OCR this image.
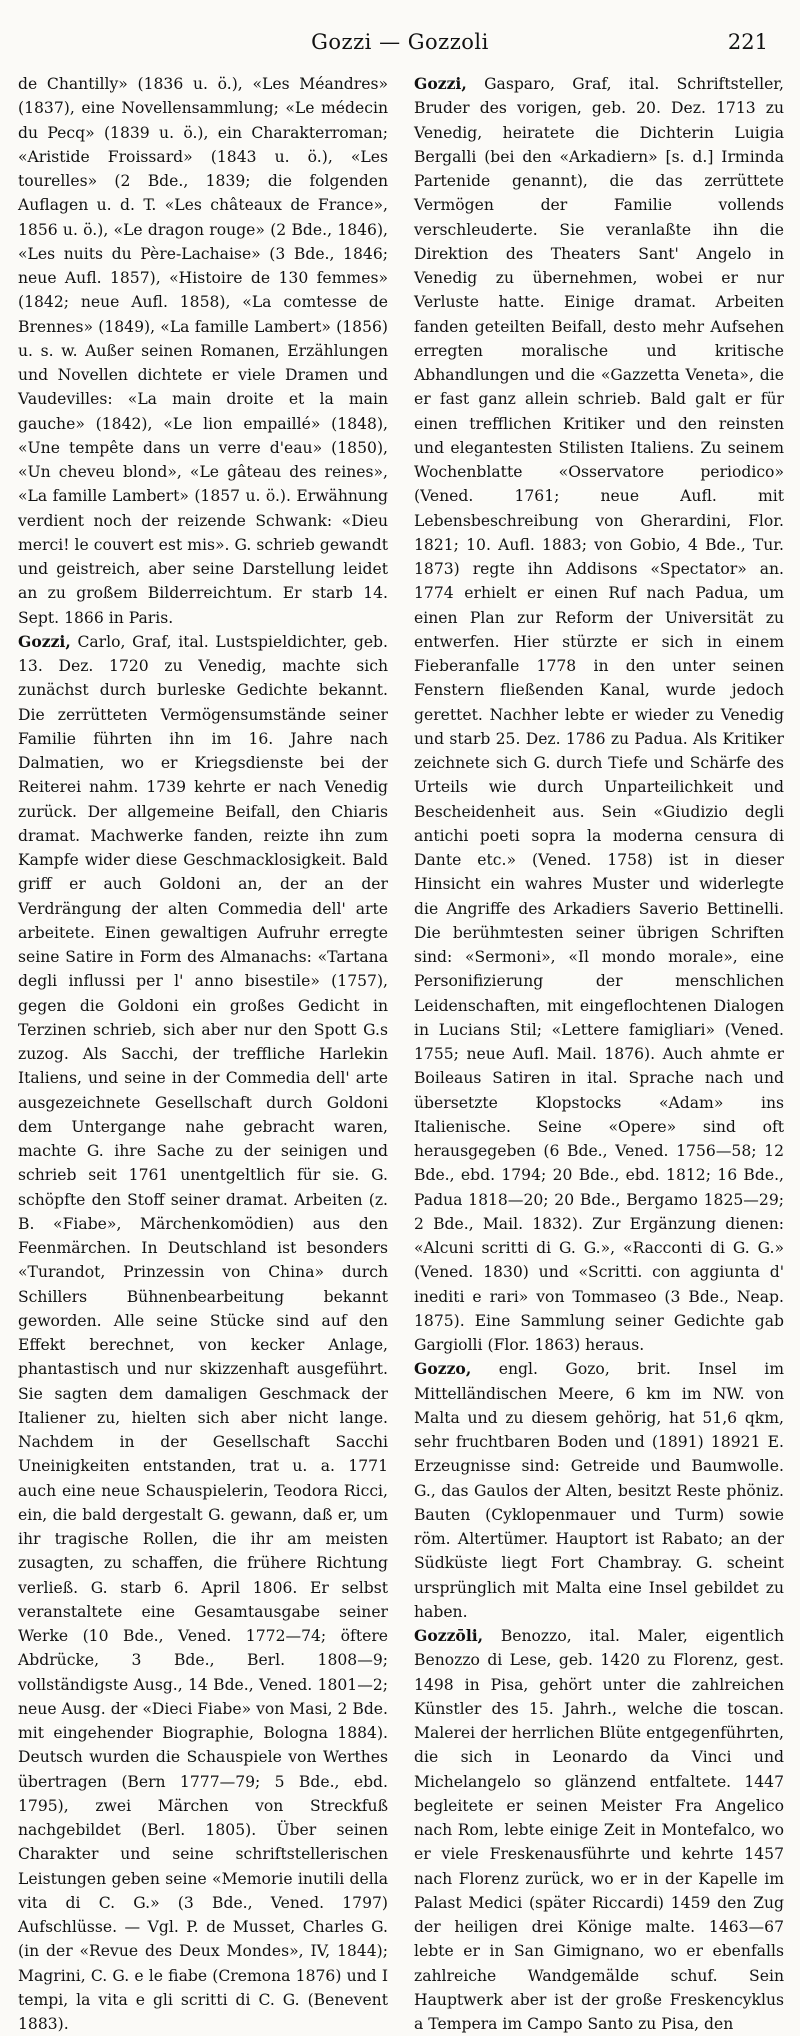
Gozzi — Gozzoli	221

de Chantilly» (1836 u. ö.), «Les Méandres» (1837), eine Novellensammlung; «Le médecin du Pecq» (1839 u. ö.), ein Charakterroman; «Aristide Froissard» (1843 u. ö.), «Les tourelles» (2 Bde., 1839; die folgenden Auflagen u. d. T. «Les châteaux de France», 1856 u. ö.), «Le dragon rouge» (2 Bde., 1846), «Les nuits du Père-Lachaise» (3 Bde., 1846; neue Aufl. 1857), «Histoire de 130 femmes» (1842; neue Aufl. 1858), «La comtesse de Brennes» (1849), «La famille Lambert» (1856) u. s. w. Außer seinen Romanen, Erzählungen und Novellen dichtete er viele Dramen und Vaudevilles: «La main droite et la main gauche» (1842), «Le lion empaillé» (1848), «Une tempête dans un verre d'eau» (1850), «Un cheveu blond», «Le gâteau des reines», «La famille Lambert» (1857 u. ö.). Erwähnung verdient noch der reizende Schwank: «Dieu merci! le couvert est mis». G. schrieb gewandt und geistreich, aber seine Darstellung leidet an zu großem Bilderreichtum. Er starb 14. Sept. 1866 in Paris.

Gozzi, Carlo, Graf, ital. Lustspieldichter, geb. 13. Dez. 1720 zu Venedig, machte sich zunächst durch burleske Gedichte bekannt. Die zerrütteten Vermögensumstände seiner Familie führten ihn im 16. Jahre nach Dalmatien, wo er Kriegsdienste bei der Reiterei nahm. 1739 kehrte er nach Venedig zurück. Der allgemeine Beifall, den Chiaris dramat. Machwerke fanden, reizte ihn zum Kampfe wider diese Geschmacklosigkeit. Bald griff er auch Goldoni an, der an der Verdrängung der alten Commedia dell' arte arbeitete. Einen gewaltigen Aufruhr erregte seine Satire in Form des Almanachs: «Tartana degli influssi per l' anno bisestile» (1757), gegen die Goldoni ein großes Gedicht in Terzinen schrieb, sich aber nur den Spott G.s zuzog. Als Sacchi, der treffliche Harlekin Italiens, und seine in der Commedia dell' arte ausgezeichnete Gesellschaft durch Goldoni dem Untergange nahe gebracht waren, machte G. ihre Sache zu der seinigen und schrieb seit 1761 unentgeltlich für sie. G. schöpfte den Stoff seiner dramat. Arbeiten (z. B. «Fiabe», Märchenkomödien) aus den Feenmärchen. In Deutschland ist besonders «Turandot, Prinzessin von China» durch Schillers Bühnenbearbeitung bekannt geworden. Alle seine Stücke sind auf den Effekt berechnet, von kecker Anlage, phantastisch und nur skizzenhaft ausgeführt. Sie sagten dem damaligen Geschmack der Italiener zu, hielten sich aber nicht lange. Nachdem in der Gesellschaft Sacchi Uneinigkeiten entstanden, trat u. a. 1771 auch eine neue Schauspielerin, Teodora Ricci, ein, die bald dergestalt G. gewann, daß er, um ihr tragische Rollen, die ihr am meisten zusagten, zu schaffen, die frühere Richtung verließ. G. starb 6. April 1806. Er selbst veranstaltete eine Gesamtausgabe seiner Werke (10 Bde., Vened. 1772—74; öftere Abdrücke, 3 Bde., Berl. 1808—9; vollständigste Ausg., 14 Bde., Vened. 1801—2; neue Ausg. der «Dieci Fiabe» von Masi, 2 Bde. mit eingehender Biographie, Bologna 1884). Deutsch wurden die Schauspiele von Werthes übertragen (Bern 1777—79; 5 Bde., ebd. 1795), zwei Märchen von Streckfuß nachgebildet (Berl. 1805). Über seinen Charakter und seine schriftstellerischen Leistungen geben seine «Memorie inutili della vita di C. G.» (3 Bde., Vened. 1797) Aufschlüsse. — Vgl. P. de Musset, Charles G. (in der «Revue des Deux Mondes», IV, 1844); Magrini, C. G. e le fiabe (Cremona 1876) und I tempi, la vita e gli scritti di C. G. (Benevent 1883).

Gozzi, Gasparo, Graf, ital. Schriftsteller, Bruder des vorigen, geb. 20. Dez. 1713 zu Venedig, heiratete die Dichterin Luigia Bergalli (bei den «Arkadiern» [s. d.] Irminda Partenide genannt), die das zerrüttete Vermögen der Familie vollends verschleuderte. Sie veranlaßte ihn die Direktion des Theaters Sant' Angelo in Venedig zu übernehmen, wobei er nur Verluste hatte. Einige dramat. Arbeiten fanden geteilten Beifall, desto mehr Aufsehen erregten moralische und kritische Abhandlungen und die «Gazzetta Veneta», die er fast ganz allein schrieb. Bald galt er für einen trefflichen Kritiker und den reinsten und elegantesten Stilisten Italiens. Zu seinem Wochenblatte «Osservatore periodico» (Vened. 1761; neue Aufl. mit Lebensbeschreibung von Gherardini, Flor. 1821; 10. Aufl. 1883; von Gobio, 4 Bde., Tur. 1873) regte ihn Addisons «Spectator» an. 1774 erhielt er einen Ruf nach Padua, um einen Plan zur Reform der Universität zu entwerfen. Hier stürzte er sich in einem Fieberanfalle 1778 in den unter seinen Fenstern fließenden Kanal, wurde jedoch gerettet. Nachher lebte er wieder zu Venedig und starb 25. Dez. 1786 zu Padua. Als Kritiker zeichnete sich G. durch Tiefe und Schärfe des Urteils wie durch Unparteilichkeit und Bescheidenheit aus. Sein «Giudizio degli antichi poeti sopra la moderna censura di Dante etc.» (Vened. 1758) ist in dieser Hinsicht ein wahres Muster und widerlegte die Angriffe des Arkadiers Saverio Bettinelli. Die berühmtesten seiner übrigen Schriften sind: «Sermoni», «Il mondo morale», eine Personifizierung der menschlichen Leidenschaften, mit eingeflochtenen Dialogen in Lucians Stil; «Lettere famigliari» (Vened. 1755; neue Aufl. Mail. 1876). Auch ahmte er Boileaus Satiren in ital. Sprache nach und übersetzte Klopstocks «Adam» ins Italienische. Seine «Opere» sind oft herausgegeben (6 Bde., Vened. 1756—58; 12 Bde., ebd. 1794; 20 Bde., ebd. 1812; 16 Bde., Padua 1818—20; 20 Bde., Bergamo 1825—29; 2 Bde., Mail. 1832). Zur Ergänzung dienen: «Alcuni scritti di G. G.», «Racconti di G. G.» (Vened. 1830) und «Scritti. con aggiunta d' inediti e rari» von Tommaseo (3 Bde., Neap. 1875). Eine Sammlung seiner Gedichte gab Gargiolli (Flor. 1863) heraus.

Gozzo, engl. Gozo, brit. Insel im Mittelländischen Meere, 6 km im NW. von Malta und zu diesem gehörig, hat 51,6 qkm, sehr fruchtbaren Boden und (1891) 18921 E. Erzeugnisse sind: Getreide und Baumwolle. G., das Gaulos der Alten, besitzt Reste phöniz. Bauten (Cyklopenmauer und Turm) sowie röm. Altertümer. Hauptort ist Rabato; an der Südküste liegt Fort Chambray. G. scheint ursprünglich mit Malta eine Insel gebildet zu haben.

Gozzōli, Benozzo, ital. Maler, eigentlich Benozzo di Lese, geb. 1420 zu Florenz, gest. 1498 in Pisa, gehört unter die zahlreichen Künstler des 15. Jahrh., welche die toscan. Malerei der herrlichen Blüte entgegenführten, die sich in Leonardo da Vinci und Michelangelo so glänzend entfaltete. 1447 begleitete er seinen Meister Fra Angelico nach Rom, lebte einige Zeit in Montefalco, wo er viele Freskenausführte und kehrte 1457 nach Florenz zurück, wo er in der Kapelle im Palast Medici (später Riccardi) 1459 den Zug der heiligen drei Könige malte. 1463—67 lebte er in San Gimignano, wo er ebenfalls zahlreiche Wandgemälde schuf. Sein Hauptwerk aber ist der große Freskencyklus a Tempera im Campo Santo zu Pisa, den
